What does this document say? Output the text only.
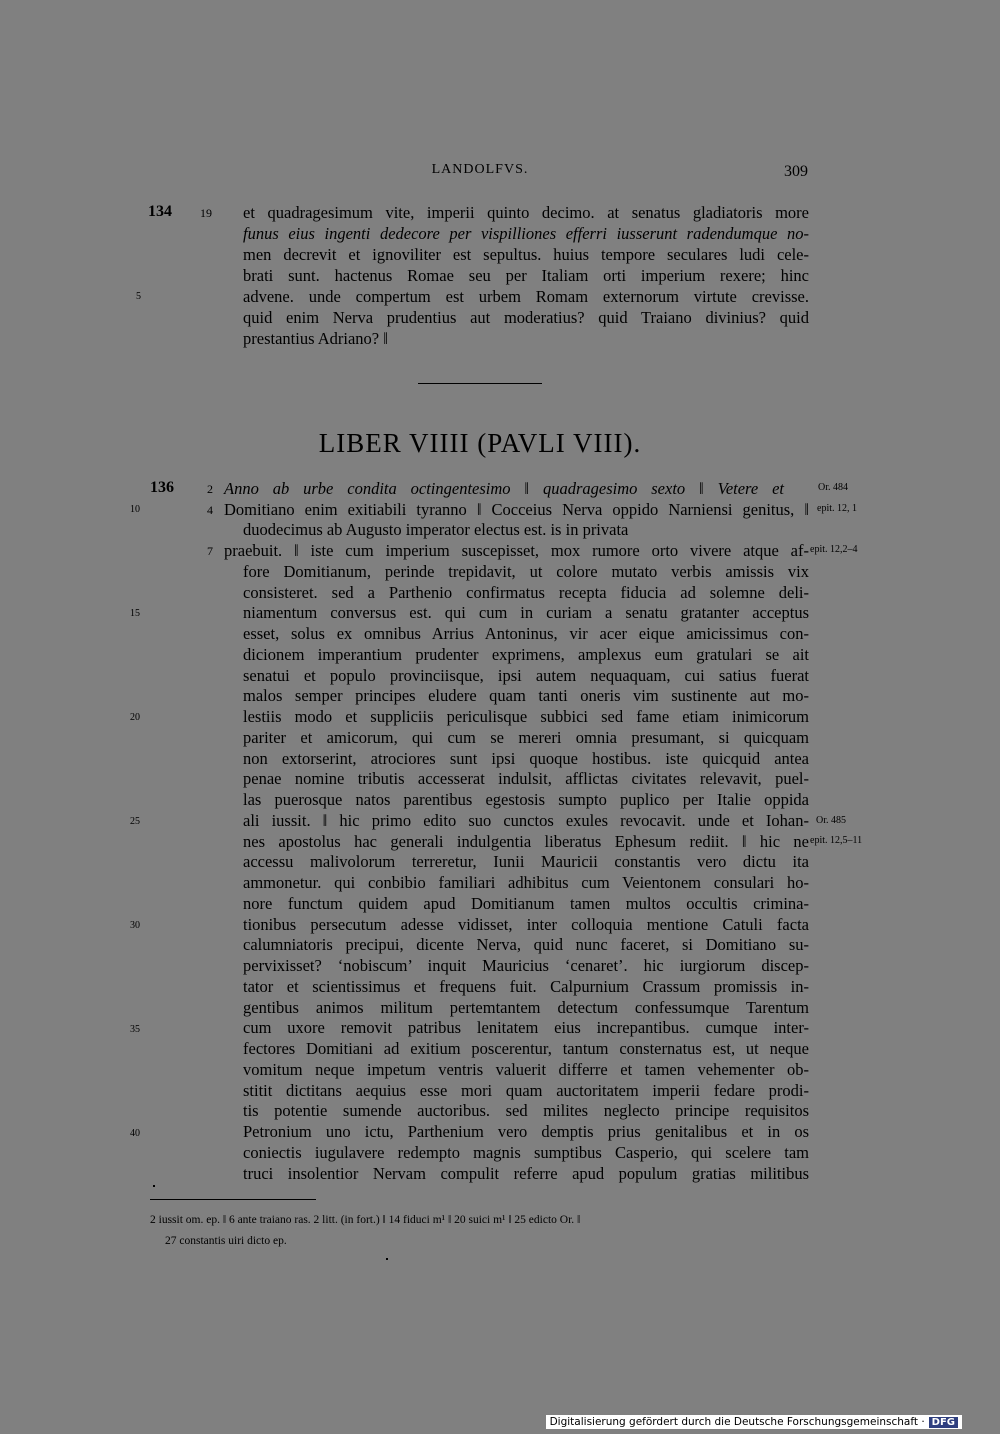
LANDOLFVS.	309
134 19
5
et quadragesimum vite, imperii quinto decimo. at senatus gladiatoris more
funus eius ingenti dedecore per vispilliones efferri iusserunt radendumque no-
men decrevit et ignoviliter est sepultus. huius tempore seculares ludi cele-
brati sunt. hactenus Romae seu per Italiam orti imperium rexere; hinc
advene. unde compertum est urbem Romam externorum virtute crevisse.
quid enim Nerva prudentius aut moderatius? quid Traiano divinius? quid
prestantius Adriano? ‖
LIBER VIIII (PAVLI VIII).
136	2
4
7
10
15
20
25
30
35
40
Or. 484
epit. 12, 1
epit. 12,2–4
Or. 485
epit. 12,5–11
Anno ab urbe condita octingentesimo ‖ quadragesimo sexto ‖ Vetere et
Domitiano enim exitiabili tyranno ‖ Cocceius Nerva oppido Narniensi genitus, ‖
duodecimus ab Augusto imperator electus est. is in privata
praebuit. ‖ iste cum imperium suscepisset, mox rumore orto vivere atque af-
fore Domitianum, perinde trepidavit, ut colore mutato verbis amissis vix
consisteret. sed a Parthenio confirmatus recepta fiducia ad solemne deli-
niamentum conversus est. qui cum in curiam a senatu gratanter acceptus
esset, solus ex omnibus Arrius Antoninus, vir acer eique amicissimus con-
dicionem imperantium prudenter exprimens, amplexus eum gratulari se ait
senatui et populo provinciisque, ipsi autem nequaquam, cui satius fuerat
malos semper principes eludere quam tanti oneris vim sustinente aut mo-
lestiis modo et suppliciis periculisque subbici sed fame etiam inimicorum
pariter et amicorum, qui cum se mereri omnia presumant, si quicquam
non extorserint, atrociores sunt ipsi quoque hostibus. iste quicquid antea
penae nomine tributis accesserat indulsit, afflictas civitates relevavit, puel-
las puerosque natos parentibus egestosis sumpto puplico per Italie oppida
ali iussit. ‖ hic primo edito suo cunctos exules revocavit. unde et Iohan-
nes apostolus hac generali indulgentia liberatus Ephesum rediit. ‖ hic ne
accessu malivolorum terreretur, Iunii Mauricii constantis vero dictu ita
ammonetur. qui conbibio familiari adhibitus cum Veientonem consulari ho-
nore functum quidem apud Domitianum tamen multos occultis crimina-
tionibus persecutum adesse vidisset, inter colloquia mentione Catuli facta
calumniatoris precipui, dicente Nerva, quid nunc faceret, si Domitiano su-
pervixisset? ‘nobiscum’ inquit Mauricius ‘cenaret’. hic iurgiorum discep-
tator et scientissimus et frequens fuit. Calpurnium Crassum promissis in-
gentibus animos militum pertemtantem detectum confessumque Tarentum
cum uxore removit patribus lenitatem eius increpantibus. cumque inter-
fectores Domitiani ad exitium poscerentur, tantum consternatus est, ut neque
vomitum neque impetum ventris valuerit differre et tamen vehementer ob-
stitit dictitans aequius esse mori quam auctoritatem imperii fedare prodi-
tis potentie sumende auctoribus. sed milites neglecto principe requisitos
Petronium uno ictu, Parthenium vero demptis prius genitalibus et in os
coniectis iugulavere redempto magnis sumptibus Casperio, qui scelere tam
truci insolentior Nervam compulit referre apud populum gratias militibus
2 iussit om. ep. ‖ 6 ante traiano ras. 2 litt. (in fort.) ‖ 14 fiduci m¹ ‖ 20 suici m¹ ‖ 25 edicto Or. ‖
27 constantis uiri dicto ep.
Digitalisierung gefördert durch die Deutsche Forschungsgemeinschaft · DFG
